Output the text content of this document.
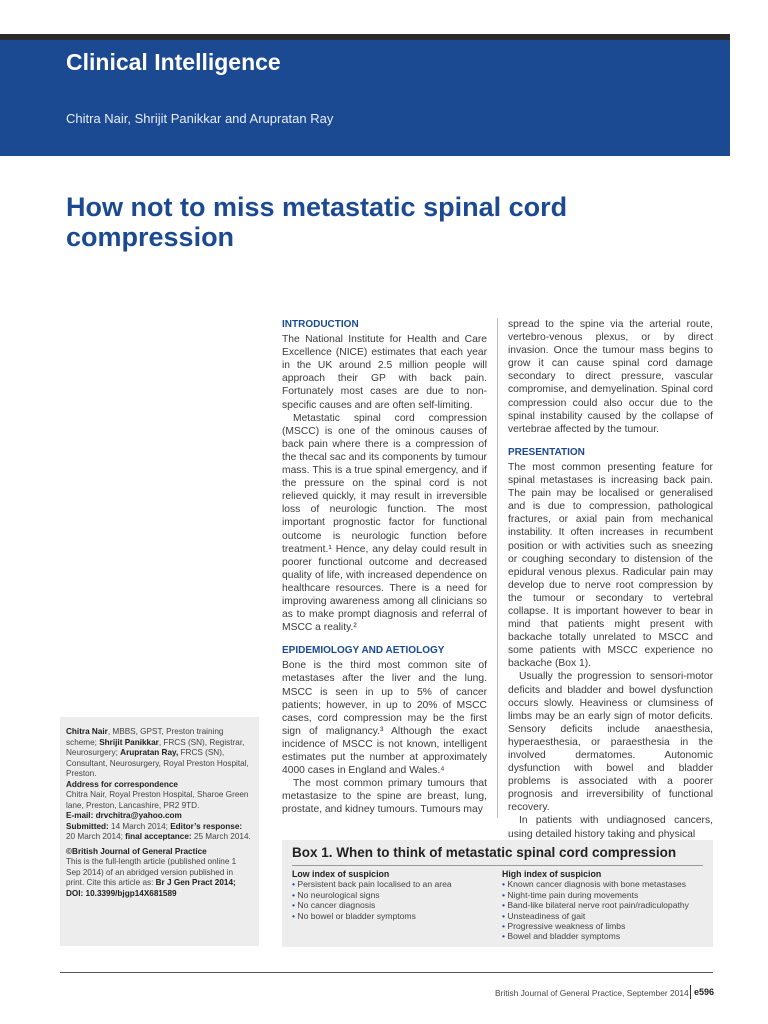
Clinical Intelligence

Chitra Nair, Shrijit Panikkar and Arupratan Ray

How not to miss metastatic spinal cord compression
INTRODUCTION

The National Institute for Health and Care Excellence (NICE) estimates that each year in the UK around 2.5 million people will approach their GP with back pain. Fortunately most cases are due to non-specific causes and are often self-limiting.

Metastatic spinal cord compression (MSCC) is one of the ominous causes of back pain where there is a compression of the thecal sac and its components by tumour mass. This is a true spinal emergency, and if the pressure on the spinal cord is not relieved quickly, it may result in irreversible loss of neurologic function. The most important prognostic factor for functional outcome is neurologic function before treatment.¹ Hence, any delay could result in poorer functional outcome and decreased quality of life, with increased dependence on healthcare resources. There is a need for improving awareness among all clinicians so as to make prompt diagnosis and referral of MSCC a reality.²

EPIDEMIOLOGY AND AETIOLOGY

Bone is the third most common site of metastases after the liver and the lung. MSCC is seen in up to 5% of cancer patients; however, in up to 20% of MSCC cases, cord compression may be the first sign of malignancy.³ Although the exact incidence of MSCC is not known, intelligent estimates put the number at approximately 4000 cases in England and Wales.⁴

The most common primary tumours that metastasize to the spine are breast, lung, prostate, and kidney tumours. Tumours may

spread to the spine via the arterial route, vertebro-venous plexus, or by direct invasion. Once the tumour mass begins to grow it can cause spinal cord damage secondary to direct pressure, vascular compromise, and demyelination. Spinal cord compression could also occur due to the spinal instability caused by the collapse of vertebrae affected by the tumour.

PRESENTATION

The most common presenting feature for spinal metastases is increasing back pain. The pain may be localised or generalised and is due to compression, pathological fractures, or axial pain from mechanical instability. It often increases in recumbent position or with activities such as sneezing or coughing secondary to distension of the epidural venous plexus. Radicular pain may develop due to nerve root compression by the tumour or secondary to vertebral collapse. It is important however to bear in mind that patients might present with backache totally unrelated to MSCC and some patients with MSCC experience no backache (Box 1).

Usually the progression to sensori-motor deficits and bladder and bowel dysfunction occurs slowly. Heaviness or clumsiness of limbs may be an early sign of motor deficits. Sensory deficits include anaesthesia, hyperaesthesia, or paraesthesia in the involved dermatomes. Autonomic dysfunction with bowel and bladder problems is associated with a poorer prognosis and irreversibility of functional recovery.

In patients with undiagnosed cancers, using detailed history taking and physical

Chitra Nair, MBBS, GPST, Preston training scheme; Shrijit Panikkar, FRCS (SN), Registrar, Neurosurgery; Arupratan Ray, FRCS (SN), Consultant, Neurosurgery, Royal Preston Hospital, Preston.

Address for correspondence

Chitra Nair, Royal Preston Hospital, Sharoe Green lane, Preston, Lancashire, PR2 9TD.

E-mail: drvchitra@yahoo.com

Submitted: 14 March 2014; Editor’s response: 20 March 2014; final acceptance: 25 March 2014.

©British Journal of General Practice

This is the full-length article (published online 1 Sep 2014) of an abridged version published in print. Cite this article as: Br J Gen Pract 2014; DOI: 10.3399/bjgp14X681589

Box 1. When to think of metastatic spinal cord compression
Low index of suspicion
• Persistent back pain localised to an area
• No neurological signs
• No cancer diagnosis
• No bowel or bladder symptoms
High index of suspicion
• Known cancer diagnosis with bone metastases
• Night-time pain during movements
• Band-like bilateral nerve root pain/radiculopathy
• Unsteadiness of gait
• Progressive weakness of limbs
• Bowel and bladder symptoms
British Journal of General Practice, September 2014 e596
